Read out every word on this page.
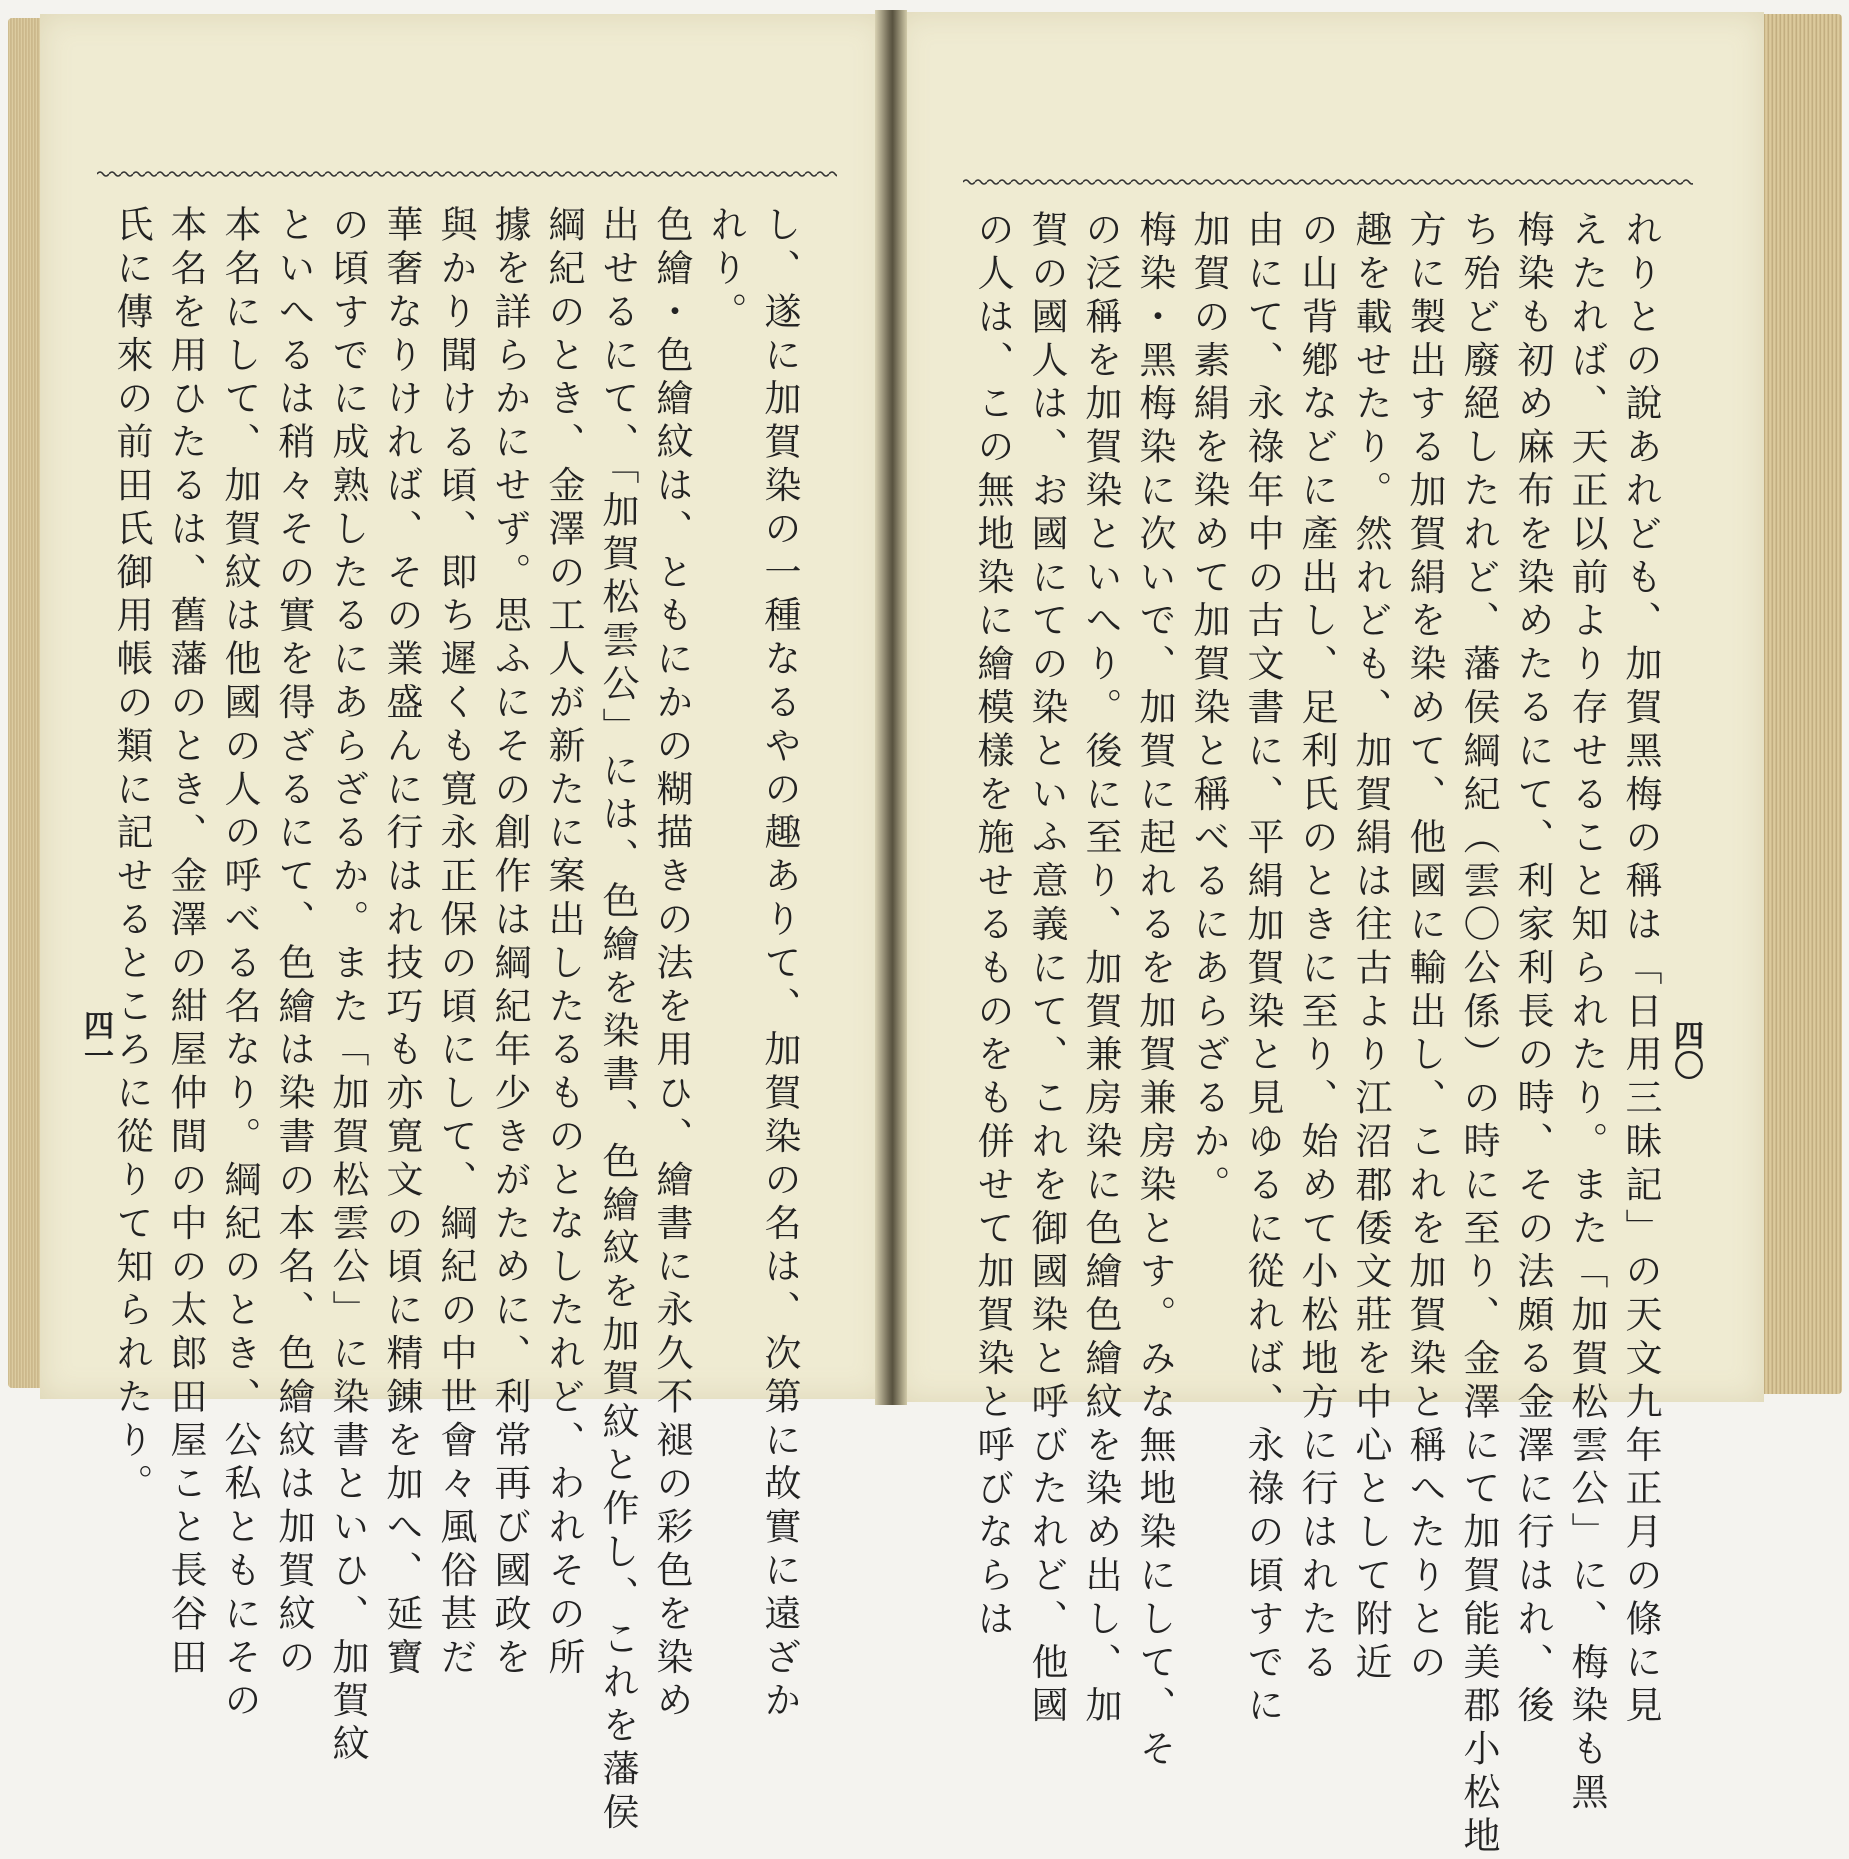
し、遂に加賀染の一種なるやの趣ありて、加賀染の名は、次第に故實に遠ざか
れり。
色繪・色繪紋は、ともにかの糊描きの法を用ひ、繪書に永久不褪の彩色を染め
出せるにて、「加賀松雲公」には、色繪を染書、色繪紋を加賀紋と作し、これを藩侯
綱紀のとき、金澤の工人が新たに案出したるものとなしたれど、われその所
據を詳らかにせず。思ふにその創作は綱紀年少きがために、利常再び國政を
與かり聞ける頃、即ち遲くも寛永正保の頃にして、綱紀の中世會々風俗甚だ
華奢なりければ、その業盛んに行はれ技巧も亦寛文の頃に精錬を加へ、延寶
の頃すでに成熟したるにあらざるか。また「加賀松雲公」に染書といひ、加賀紋
といへるは稍々その實を得ざるにて、色繪は染書の本名、色繪紋は加賀紋の
本名にして、加賀紋は他國の人の呼べる名なり。綱紀のとき、公私ともにその
本名を用ひたるは、舊藩のとき、金澤の紺屋仲間の中の太郎田屋こと長谷田
氏に傳來の前田氏御用帳の類に記せるところに從りて知られたり。	れりとの說あれども、加賀黑梅の稱は「日用三昧記」の天文九年正月の條に見
えたれば、天正以前より存せること知られたり。また「加賀松雲公」に、梅染も黑
梅染も初め麻布を染めたるにて、利家利長の時、その法頗る金澤に行はれ、後
ち殆ど廢絕したれど、藩侯綱紀（雲〇公係）の時に至り、金澤にて加賀能美郡小松地
方に製出する加賀絹を染めて、他國に輸出し、これを加賀染と稱へたりとの
趣を載せたり。然れども、加賀絹は往古より江沼郡倭文莊を中心として附近
の山背鄕などに產出し、足利氏のときに至り、始めて小松地方に行はれたる
由にて、永祿年中の古文書に、平絹加賀染と見ゆるに從れば、永祿の頃すでに
加賀の素絹を染めて加賀染と稱べるにあらざるか。
梅染・黑梅染に次いで、加賀に起れるを加賀兼房染とす。みな無地染にして、そ
の泛稱を加賀染といへり。後に至り、加賀兼房染に色繪色繪紋を染め出し、加
賀の國人は、お國にての染といふ意義にて、これを御國染と呼びたれど、他國
の人は、この無地染に繪模樣を施せるものをも併せて加賀染と呼びならは
四一	四〇
